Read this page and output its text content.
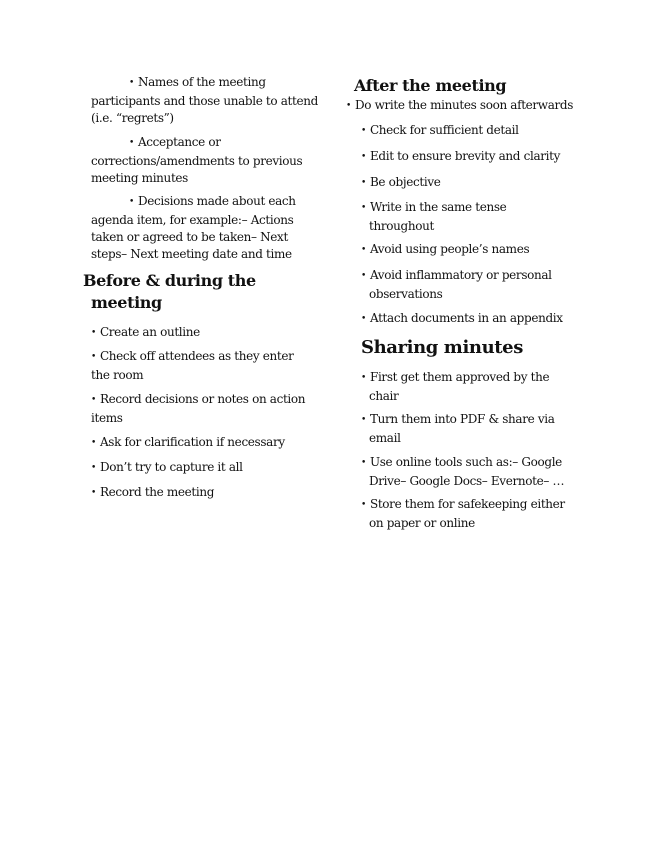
• Names of the meeting participants and those unable to attend (i.e. “regrets”)

• Acceptance or corrections/amendments to previous meeting minutes

• Decisions made about each agenda item, for example:– Actions taken or agreed to be taken– Next steps– Next meeting date and time

Before & during the meeting

• Create an outline

• Check off attendees as they enter the room

• Record decisions or notes on action items

• Ask for clarification if necessary

• Don’t try to capture it all

• Record the meeting

After the meeting

• Do write the minutes soon afterwards

• Check for sufficient detail

• Edit to ensure brevity and clarity

• Be objective

• Write in the same tense throughout

• Avoid using people’s names

• Avoid inflammatory or personal observations

• Attach documents in an appendix

Sharing minutes

• First get them approved by the chair

• Turn them into PDF & share via email

• Use online tools such as:– Google Drive– Google Docs– Evernote– …

• Store them for safekeeping either on paper or online
